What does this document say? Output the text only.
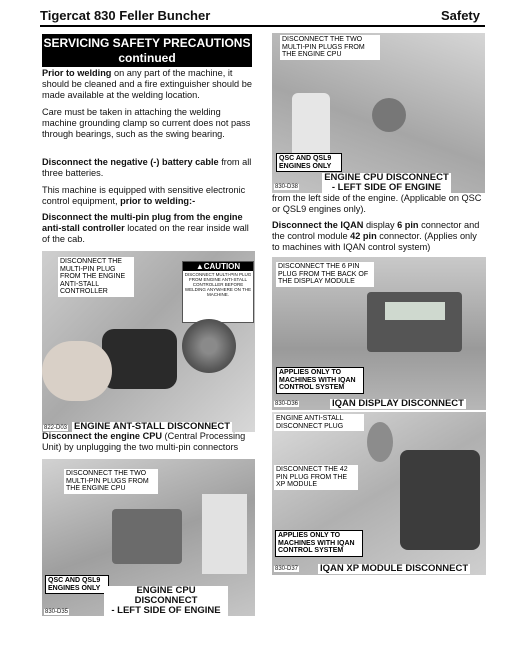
Tigercat 830 Feller Buncher	Safety
SERVICING SAFETY PRECAUTIONS
continued
Prior to welding on any part of the machine, it should be cleaned and a fire extinguisher should be made available at the welding location.
Care must be taken in attaching the welding machine grounding clamp so current does not pass through bearings, such as the swing bearing.
Disconnect the negative (-) battery cable from all three batteries.
This machine is equipped with sensitive electronic control equipment, prior to welding:-
Disconnect the multi-pin plug from the engine anti-stall controller located on the rear inside wall of the cab.
▲CAUTION
DISCONNECT MULTI-PIN PLUG FROM ENGINE ANTI-STALL CONTROLLER BEFORE WELDING ANYWHERE ON THE MACHINE.
DISCONNECT THE MULTI-PIN PLUG FROM THE ENGINE ANTI-STALL CONTROLLER
822-D03 ENGINE ANT-STALL DISCONNECT
Disconnect the engine CPU (Central Processing Unit) by unplugging the two multi-pin connectors
DISCONNECT THE TWO MULTI-PIN PLUGS FROM THE ENGINE CPU
QSC AND QSL9 ENGINES ONLY
830-D35
ENGINE CPU DISCONNECT
- LEFT SIDE OF ENGINE
DISCONNECT THE TWO MULTI-PIN PLUGS FROM THE ENGINE CPU
QSC AND QSL9 ENGINES ONLY
830-D38
ENGINE CPU DISCONNECT
- LEFT SIDE OF ENGINE
from the left side of the engine. (Applicable on QSC or QSL9 engines only).
Disconnect the IQAN display 6 pin connector and the control module 42 pin connector. (Applies only to machines with IQAN control system)
DISCONNECT THE 6 PIN PLUG FROM THE BACK OF THE DISPLAY MODULE
APPLIES ONLY TO MACHINES WITH IQAN CONTROL SYSTEM
830-D36	IQAN DISPLAY DISCONNECT
ENGINE ANTI-STALL DISCONNECT PLUG
DISCONNECT THE 42 PIN PLUG FROM THE XP MODULE
APPLIES ONLY TO MACHINES WITH IQAN CONTROL SYSTEM
830-D37 IQAN XP MODULE DISCONNECT
